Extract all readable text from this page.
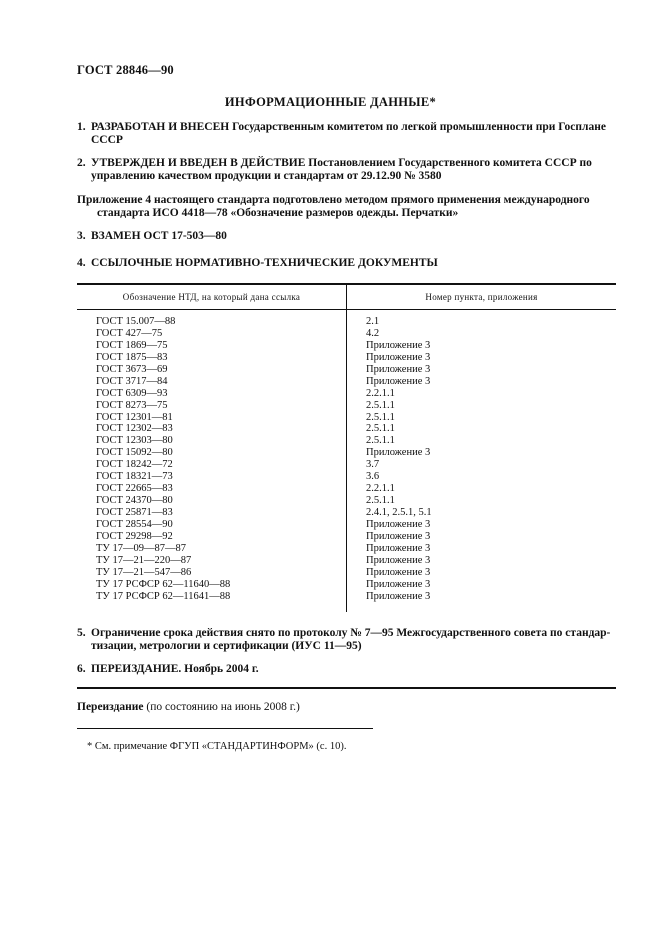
ГОСТ 28846—90
ИНФОРМАЦИОННЫЕ ДАННЫЕ*
1. РАЗРАБОТАН И ВНЕСЕН Государственным комитетом по легкой промышленности при Госплане
СССР
2. УТВЕРЖДЕН И ВВЕДЕН В ДЕЙСТВИЕ Постановлением Государственного комитета СССР по
управлению качеством продукции и стандартам от 29.12.90 № 3580
Приложение 4 настоящего стандарта подготовлено методом прямого применения международного
стандарта ИСО 4418—78 «Обозначение размеров одежды. Перчатки»
3. ВЗАМЕН ОСТ 17-503—80
4. ССЫЛОЧНЫЕ НОРМАТИВНО-ТЕХНИЧЕСКИЕ ДОКУМЕНТЫ
Обозначение НТД, на который дана ссылка	Номер пункта, приложения
ГОСТ 15.007—88	2.1
ГОСТ 427—75	4.2
ГОСТ 1869—75	Приложение 3
ГОСТ 1875—83	Приложение 3
ГОСТ 3673—69	Приложение 3
ГОСТ 3717—84	Приложение 3
ГОСТ 6309—93	2.2.1.1
ГОСТ 8273—75	2.5.1.1
ГОСТ 12301—81	2.5.1.1
ГОСТ 12302—83	2.5.1.1
ГОСТ 12303—80	2.5.1.1
ГОСТ 15092—80	Приложение 3
ГОСТ 18242—72	3.7
ГОСТ 18321—73	3.6
ГОСТ 22665—83	2.2.1.1
ГОСТ 24370—80	2.5.1.1
ГОСТ 25871—83	2.4.1, 2.5.1, 5.1
ГОСТ 28554—90	Приложение 3
ГОСТ 29298—92	Приложение 3
ТУ 17—09—87—87	Приложение 3
ТУ 17—21—220—87	Приложение 3
ТУ 17—21—547—86	Приложение 3
ТУ 17 РСФСР 62—11640—88	Приложение 3
ТУ 17 РСФСР 62—11641—88	Приложение 3
5. Ограничение срока действия снято по протоколу № 7—95 Межгосударственного совета по стандар-
тизации, метрологии и сертификации (ИУС 11—95)
6. ПЕРЕИЗДАНИЕ. Ноябрь 2004 г.
Переиздание (по состоянию на июнь 2008 г.)
* См. примечание ФГУП «СТАНДАРТИНФОРМ» (с. 10).
